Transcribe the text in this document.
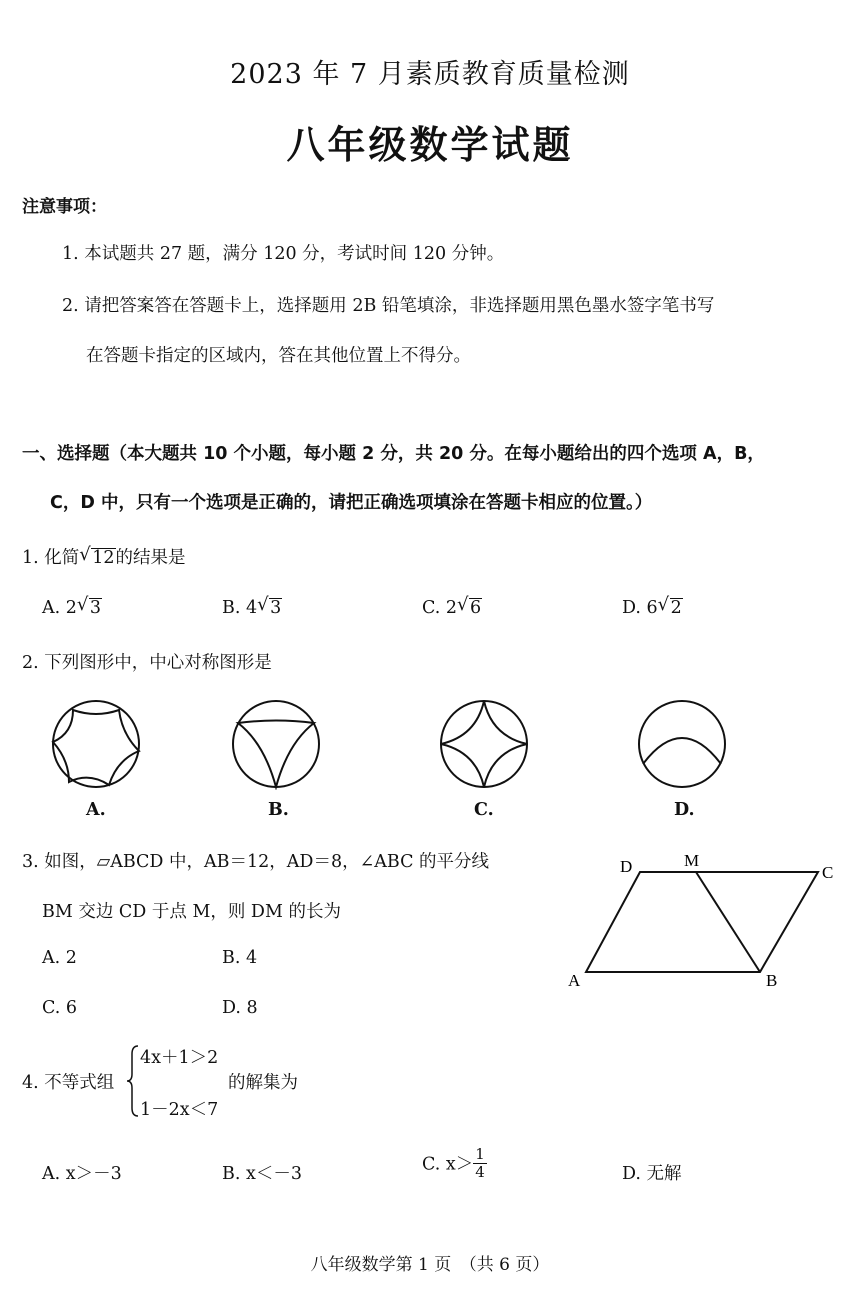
2023 年 7 月素质教育质量检测
八年级数学试题
注意事项：
1. 本试题共 27 题，满分 120 分，考试时间 120 分钟。
2. 请把答案答在答题卡上，选择题用 2B 铅笔填涂，非选择题用黑色墨水签字笔书写
在答题卡指定的区域内，答在其他位置上不得分。
一、选择题（本大题共 10 个小题，每小题 2 分，共 20 分。在每小题给出的四个选项 A，B，
C，D 中，只有一个选项是正确的，请把正确选项填涂在答题卡相应的位置。）
1. 化简 √ 12的结果是
A. 2 √ 3	B. 4 √ 3	C. 2 √ 6	D. 6 √ 2
2. 下列图形中，中心对称图形是
A.	B.	C.	D.
3. 如图，▱ABCD 中，AB＝12，AD＝8，∠ABC 的平分线
BM 交边 CD 于点 M，则 DM 的长为
A. 2	B. 4
C. 6	D. 8
D	M
C
A	B
4. 不等式组
4x＋1＞2
1－2x＜7
的解集为
A. x＞－3	B. x＜－3	C. $x> \frac{1}{4}$	D. 无解
八年级数学第 1 页　（共 6 页）
